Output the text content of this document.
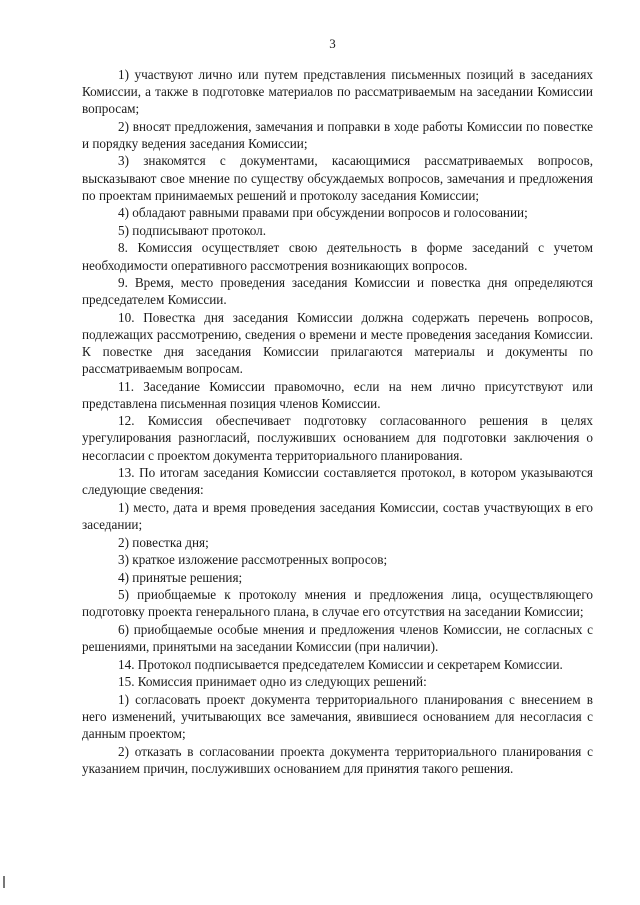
3

1) участвуют лично или путем представления письменных позиций в заседаниях Комиссии, а также в подготовке материалов по рассматриваемым на заседании Комиссии вопросам;

2) вносят предложения, замечания и поправки в ходе работы Комиссии по повестке и порядку ведения заседания Комиссии;

3) знакомятся с документами, касающимися рассматриваемых вопросов, высказывают свое мнение по существу обсуждаемых вопросов, замечания и предложения по проектам принимаемых решений и протоколу заседания Комиссии;

4) обладают равными правами при обсуждении вопросов и голосовании;

5) подписывают протокол.

8. Комиссия осуществляет свою деятельность в форме заседаний с учетом необходимости оперативного рассмотрения возникающих вопросов.

9. Время, место проведения заседания Комиссии и повестка дня определяются председателем Комиссии.

10. Повестка дня заседания Комиссии должна содержать перечень вопросов, подлежащих рассмотрению, сведения о времени и месте проведения заседания Комиссии. К повестке дня заседания Комиссии прилагаются материалы и документы по рассматриваемым вопросам.

11. Заседание Комиссии правомочно, если на нем лично присутствуют или представлена письменная позиция членов Комиссии.

12. Комиссия обеспечивает подготовку согласованного решения в целях урегулирования разногласий, послуживших основанием для подготовки заключения о несогласии с проектом документа территориального планирования.

13. По итогам заседания Комиссии составляется протокол, в котором указываются следующие сведения:

1) место, дата и время проведения заседания Комиссии, состав участвующих в его заседании;

2) повестка дня;

3) краткое изложение рассмотренных вопросов;

4) принятые решения;

5) приобщаемые к протоколу мнения и предложения лица, осуществляющего подготовку проекта генерального плана, в случае его отсутствия на заседании Комиссии;

6) приобщаемые особые мнения и предложения членов Комиссии, не согласных с решениями, принятыми на заседании Комиссии (при наличии).

14. Протокол подписывается председателем Комиссии и секретарем Комиссии.

15. Комиссия принимает одно из следующих решений:

1) согласовать проект документа территориального планирования с внесением в него изменений, учитывающих все замечания, явившиеся основанием для несогласия с данным проектом;

2) отказать в согласовании проекта документа территориального планирования с указанием причин, послуживших основанием для принятия такого решения.
